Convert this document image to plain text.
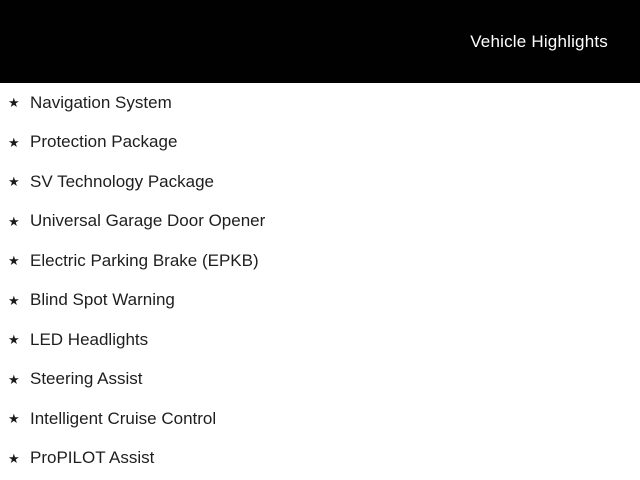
Vehicle Highlights
★ Navigation System
★ Protection Package
★ SV Technology Package
★ Universal Garage Door Opener
★ Electric Parking Brake (EPKB)
★ Blind Spot Warning
★ LED Headlights
★ Steering Assist
★ Intelligent Cruise Control
★ ProPILOT Assist
